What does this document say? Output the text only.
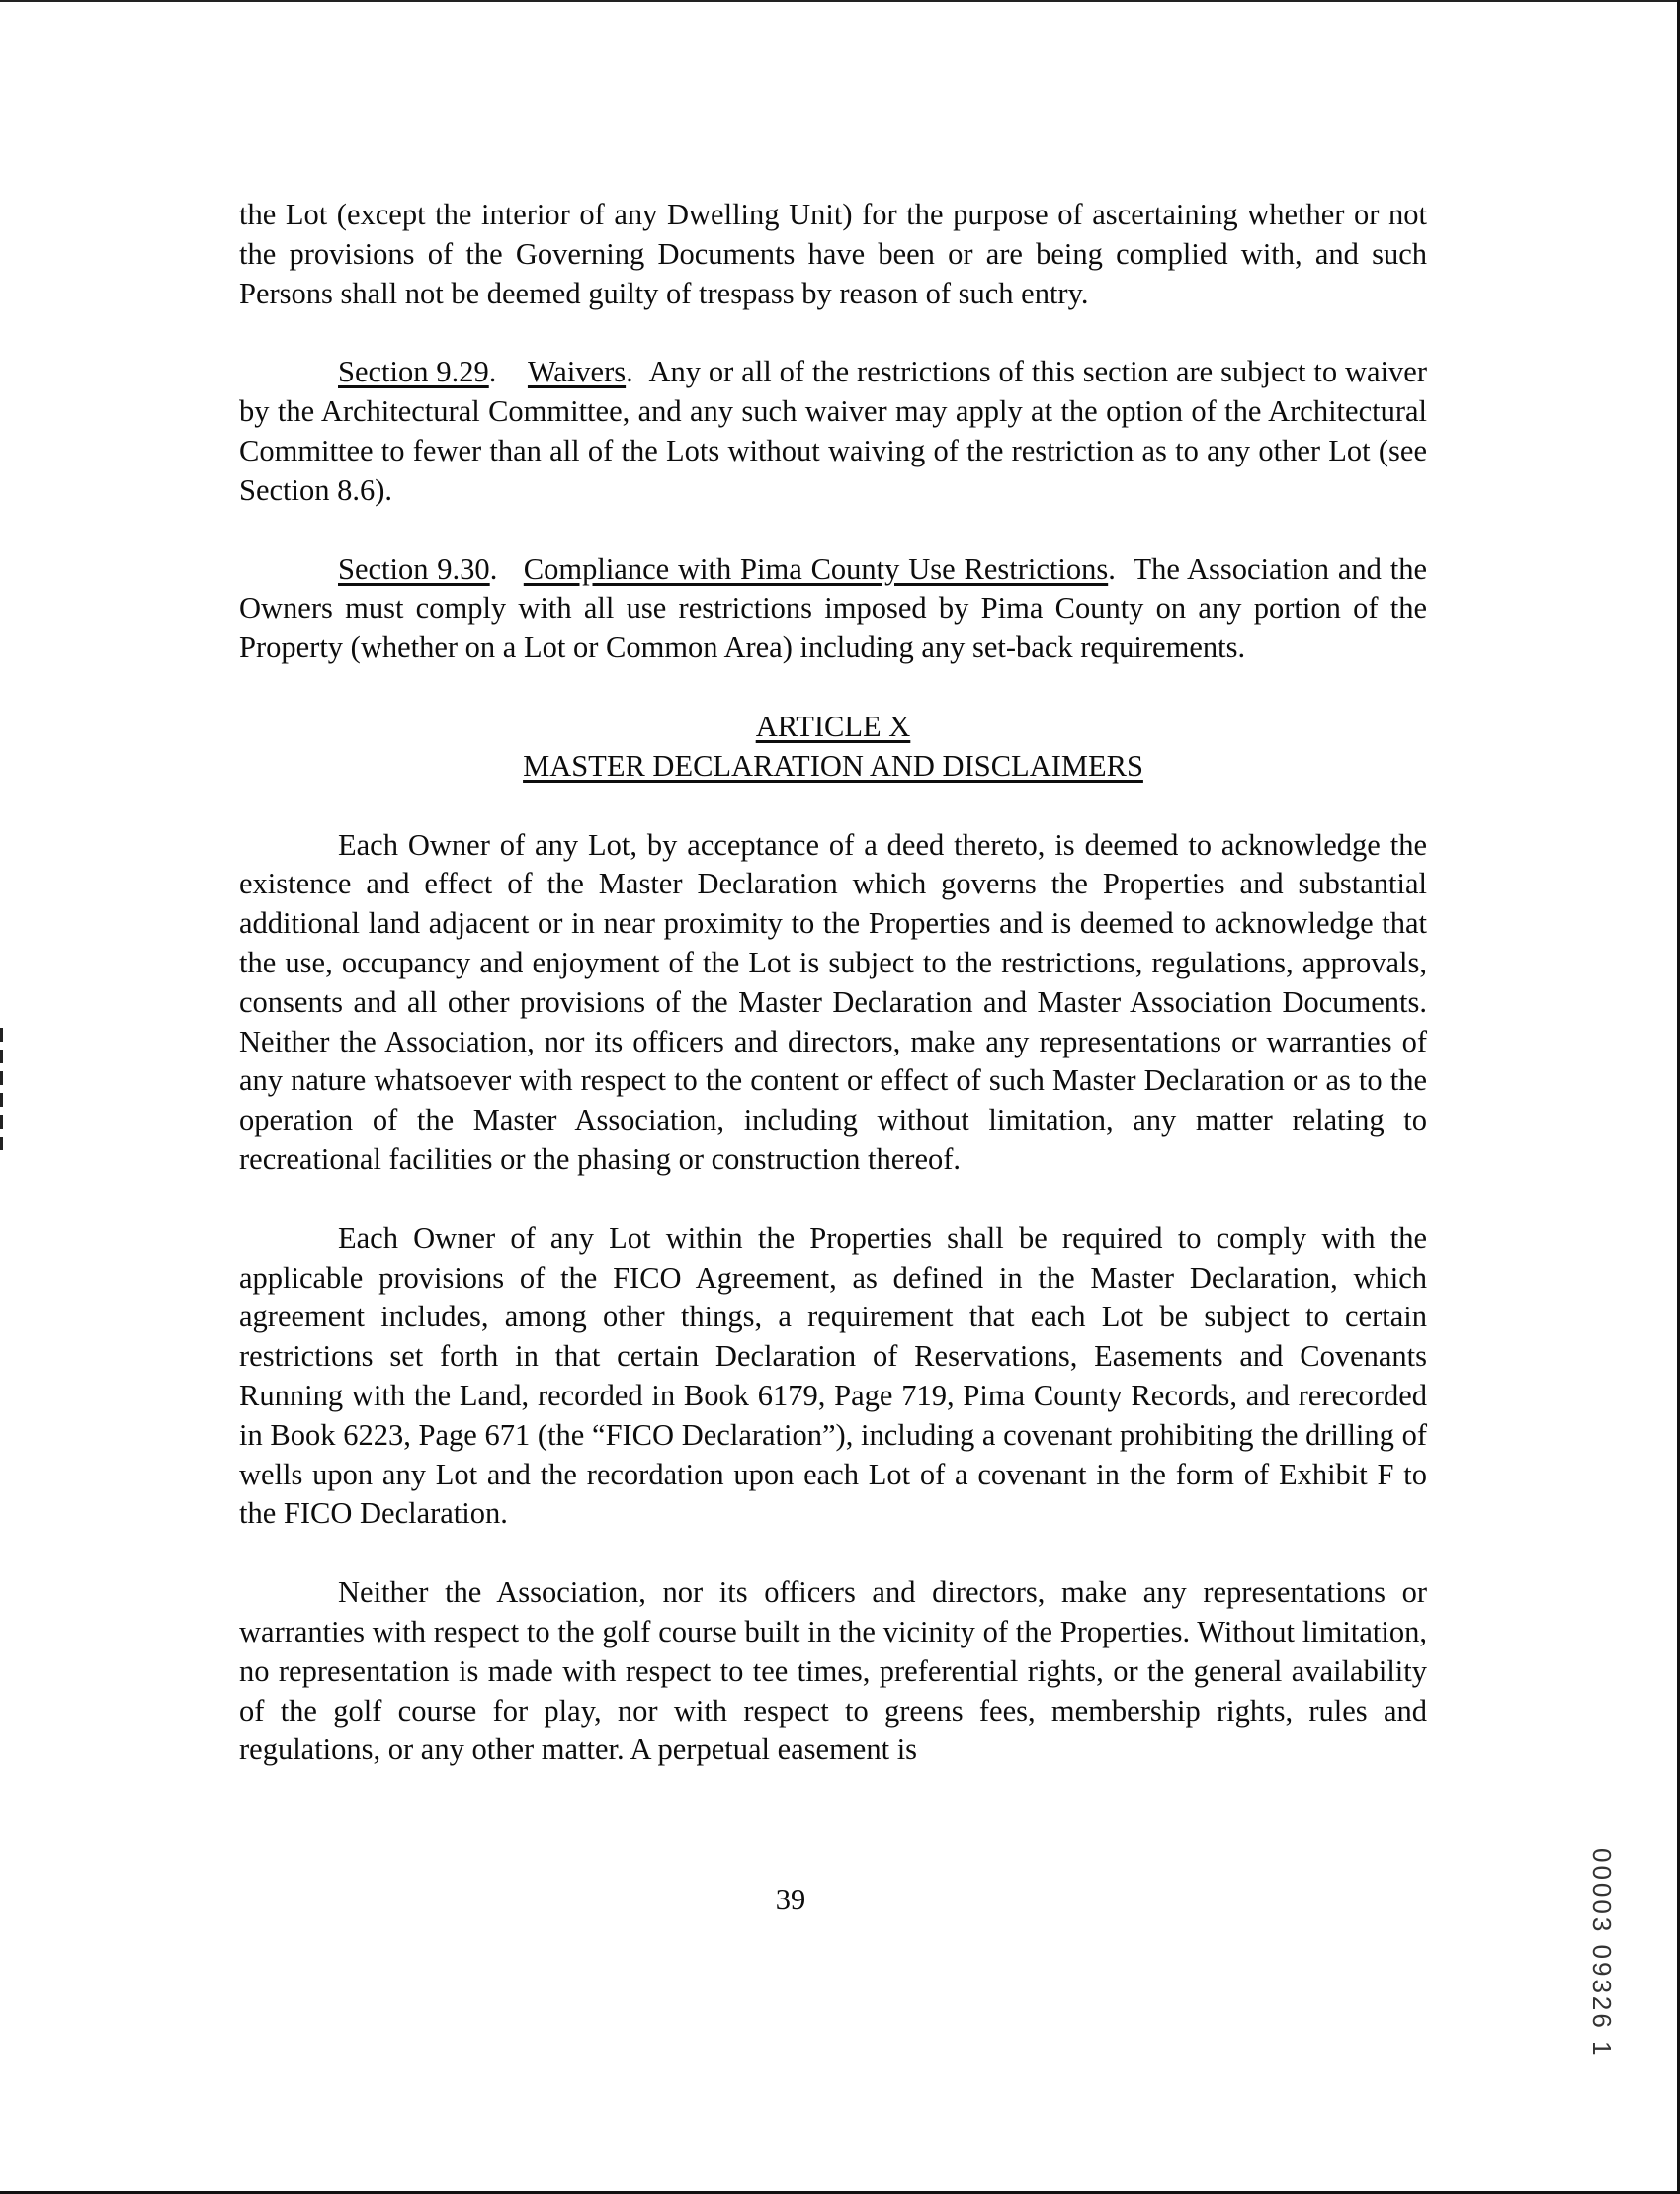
the Lot (except the interior of any Dwelling Unit) for the purpose of ascertaining whether or not the provisions of the Governing Documents have been or are being complied with, and such Persons shall not be deemed guilty of trespass by reason of such entry.

Section 9.29.    Waivers.  Any or all of the restrictions of this section are subject to waiver by the Architectural Committee, and any such waiver may apply at the option of the Architectural Committee to fewer than all of the Lots without waiving of the restriction as to any other Lot (see Section 8.6).

Section 9.30.   Compliance with Pima County Use Restrictions.  The Association and the Owners must comply with all use restrictions imposed by Pima County on any portion of the Property (whether on a Lot or Common Area) including any set-back requirements.

ARTICLE X
MASTER DECLARATION AND DISCLAIMERS

Each Owner of any Lot, by acceptance of a deed thereto, is deemed to acknowledge the existence and effect of the Master Declaration which governs the Properties and substantial additional land adjacent or in near proximity to the Properties and is deemed to acknowledge that the use, occupancy and enjoyment of the Lot is subject to the restrictions, regulations, approvals, consents and all other provisions of the Master Declaration and Master Association Documents. Neither the Association, nor its officers and directors, make any representations or warranties of any nature whatsoever with respect to the content or effect of such Master Declaration or as to the operation of the Master Association, including without limitation, any matter relating to recreational facilities or the phasing or construction thereof.

Each Owner of any Lot within the Properties shall be required to comply with the applicable provisions of the FICO Agreement, as defined in the Master Declaration, which agreement includes, among other things, a requirement that each Lot be subject to certain restrictions set forth in that certain Declaration of Reservations, Easements and Covenants Running with the Land, recorded in Book 6179, Page 719, Pima County Records, and rerecorded in Book 6223, Page 671 (the “FICO Declaration”), including a covenant prohibiting the drilling of wells upon any Lot and the recordation upon each Lot of a covenant in the form of Exhibit F to the FICO Declaration.

Neither the Association, nor its officers and directors, make any representations or warranties with respect to the golf course built in the vicinity of the Properties. Without limitation, no representation is made with respect to tee times, preferential rights, or the general availability of the golf course for play, nor with respect to greens fees, membership rights, rules and regulations, or any other matter. A perpetual easement is

39	00003 09326 1
